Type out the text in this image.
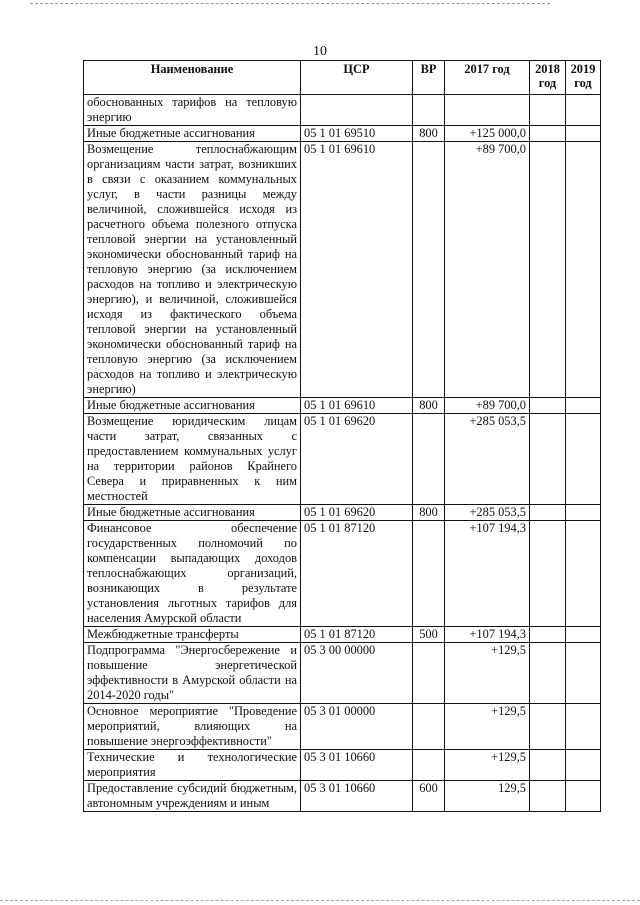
10
Наименование	ЦСР	ВР	2017 год	2018 год	2019 год
обоснованных тарифов на тепловую энергию					
Иные бюджетные ассигнования	05 1 01 69510	800	+125 000,0		
Возмещение теплоснабжающим организациям части затрат, возникших в связи с оказанием коммунальных услуг, в части разницы между величиной, сложившейся исходя из расчетного объема полезного отпуска тепловой энергии на установленный экономически обоснованный тариф на тепловую энергию (за исключением расходов на топливо и электрическую энергию), и величиной, сложившейся исходя из фактического объема тепловой энергии на установленный экономически обоснованный тариф на тепловую энергию (за исключением расходов на топливо и электрическую энергию)	05 1 01 69610		+89 700,0		
Иные бюджетные ассигнования	05 1 01 69610	800	+89 700,0		
Возмещение юридическим лицам части затрат, связанных с предоставлением коммунальных услуг на территории районов Крайнего Севера и приравненных к ним местностей	05 1 01 69620		+285 053,5		
Иные бюджетные ассигнования	05 1 01 69620	800	+285 053,5		
Финансовое обеспечение государственных полномочий по компенсации выпадающих доходов теплоснабжающих организаций, возникающих в результате установления льготных тарифов для населения Амурской области	05 1 01 87120		+107 194,3		
Межбюджетные трансферты	05 1 01 87120	500	+107 194,3		
Подпрограмма "Энергосбережение и повышение энергетической эффективности в Амурской области на 2014-2020 годы"	05 3 00 00000		+129,5		
Основное мероприятие "Проведение мероприятий, влияющих на повышение энергоэффективности"	05 3 01 00000		+129,5		
Технические и технологические мероприятия	05 3 01 10660		+129,5		
Предоставление субсидий бюджетным, автономным учреждениям и иным	05 3 01 10660	600	129,5		
